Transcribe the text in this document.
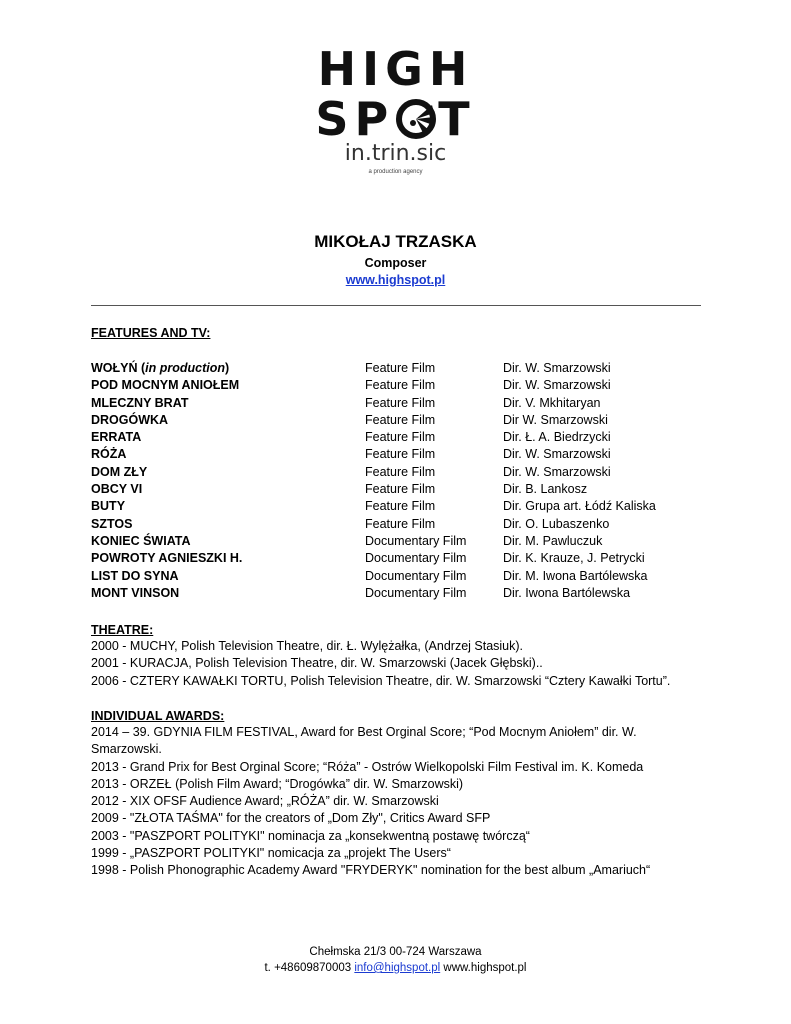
HIGH
SP T
in.trin.sic
a production agency
MIKOŁAJ TRZASKA
Composer
www.highspot.pl
FEATURES AND TV:
WOŁYŃ (in production)	Feature Film	Dir. W. Smarzowski
POD MOCNYM ANIOŁEM	Feature Film	Dir. W. Smarzowski
MLECZNY BRAT	Feature Film	Dir. V. Mkhitaryan
DROGÓWKA	Feature Film	Dir W. Smarzowski
ERRATA	Feature Film	Dir. Ł. A. Biedrzycki
RÓŻA	Feature Film	Dir. W. Smarzowski
DOM ZŁY	Feature Film	Dir. W. Smarzowski
OBCY VI	Feature Film	Dir. B. Lankosz
BUTY	Feature Film	Dir. Grupa art. Łódź Kaliska
SZTOS	Feature Film	Dir. O. Lubaszenko
KONIEC ŚWIATA	Documentary Film	Dir. M. Pawluczuk
POWROTY AGNIESZKI H.	Documentary Film	Dir. K. Krauze, J. Petrycki
LIST DO SYNA	Documentary Film	Dir. M. Iwona Bartólewska
MONT VINSON	Documentary Film	Dir. Iwona Bartólewska
THEATRE:
2000 - MUCHY, Polish Television Theatre, dir. Ł. Wylężałka, (Andrzej Stasiuk).
2001 - KURACJA, Polish Television Theatre, dir. W. Smarzowski (Jacek Głębski)..
2006 - CZTERY KAWAŁKI TORTU, Polish Television Theatre, dir. W. Smarzowski “Cztery Kawałki Tortu”.
INDIVIDUAL AWARDS:
2014 – 39. GDYNIA FILM FESTIVAL, Award for Best Orginal Score; “Pod Mocnym Aniołem” dir. W.
Smarzowski.
2013 - Grand Prix for Best Orginal Score; “Róża” - Ostrów Wielkopolski Film Festival im. K. Komeda
2013 - ORZEŁ (Polish Film Award; “Drogówka” dir. W. Smarzowski)
2012 - XIX OFSF Audience Award; „RÓŻA” dir. W. Smarzowski
2009 - "ZŁOTA TAŚMA" for the creators of „Dom Zły", Critics Award SFP
2003 - "PASZPORT POLITYKI" nominacja za „konsekwentną postawę twórczą“
1999 - „PASZPORT POLITYKI" nomicacja za „projekt The Users“
1998 - Polish Phonographic Academy Award "FRYDERYK" nomination for the best album „Amariuch“
Chełmska 21/3 00-724 Warszawa
t. +48609870003 info@highspot.pl www.highspot.pl
